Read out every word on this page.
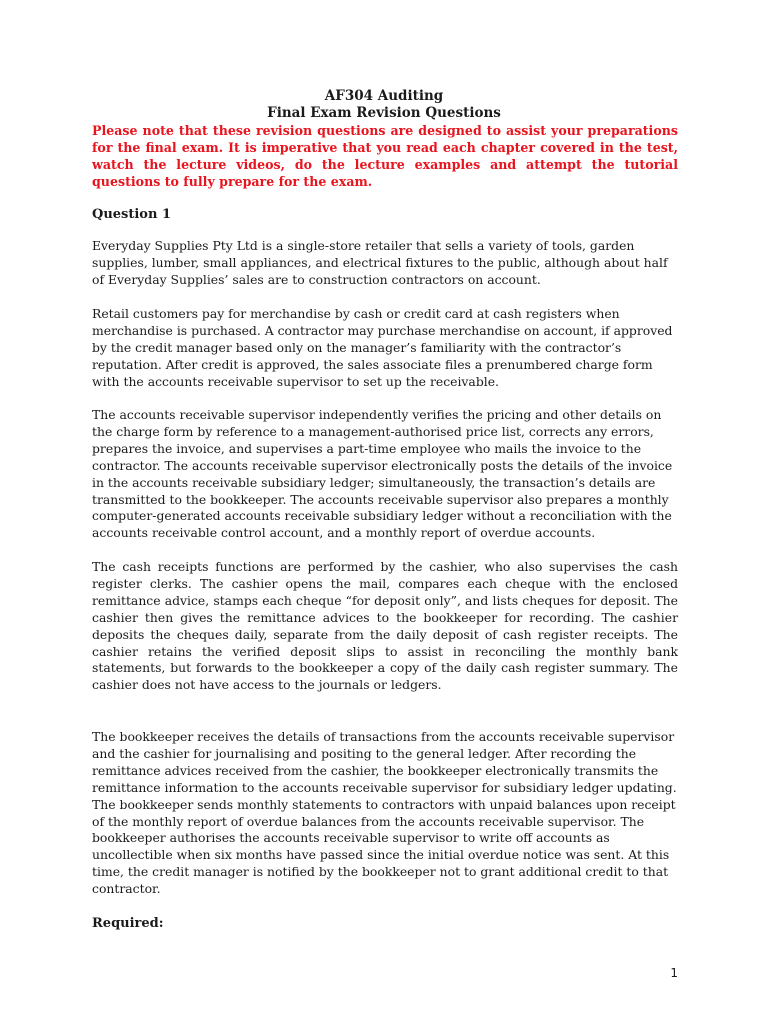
AF304 Auditing
Final Exam Revision Questions
Please note that these revision questions are designed to assist your preparations for the final exam. It is imperative that you read each chapter covered in the test, watch the lecture videos, do the lecture examples and attempt the tutorial questions to fully prepare for the exam.
Question 1
Everyday Supplies Pty Ltd is a single-store retailer that sells a variety of tools, garden supplies, lumber, small appliances, and electrical fixtures to the public, although about half of Everyday Supplies’ sales are to construction contractors on account.
Retail customers pay for merchandise by cash or credit card at cash registers when merchandise is purchased. A contractor may purchase merchandise on account, if approved by the credit manager based only on the manager’s familiarity with the contractor’s reputation. After credit is approved, the sales associate files a prenumbered charge form with the accounts receivable supervisor to set up the receivable.
The accounts receivable supervisor independently verifies the pricing and other details on the charge form by reference to a management-authorised price list, corrects any errors, prepares the invoice, and supervises a part-time employee who mails the invoice to the contractor. The accounts receivable supervisor electronically posts the details of the invoice in the accounts receivable subsidiary ledger; simultaneously, the transaction’s details are transmitted to the bookkeeper. The accounts receivable supervisor also prepares a monthly computer-generated accounts receivable subsidiary ledger without a reconciliation with the accounts receivable control account, and a monthly report of overdue accounts.
The cash receipts functions are performed by the cashier, who also supervises the cash register clerks. The cashier opens the mail, compares each cheque with the enclosed remittance advice, stamps each cheque “for deposit only”, and lists cheques for deposit. The cashier then gives the remittance advices to the bookkeeper for recording. The cashier deposits the cheques daily, separate from the daily deposit of cash register receipts. The cashier retains the verified deposit slips to assist in reconciling the monthly bank statements, but forwards to the bookkeeper a copy of the daily cash register summary. The cashier does not have access to the journals or ledgers.
The bookkeeper receives the details of transactions from the accounts receivable supervisor and the cashier for journalising and positing to the general ledger. After recording the remittance advices received from the cashier, the bookkeeper electronically transmits the remittance information to the accounts receivable supervisor for subsidiary ledger updating. The bookkeeper sends monthly statements to contractors with unpaid balances upon receipt of the monthly report of overdue balances from the accounts receivable supervisor. The bookkeeper authorises the accounts receivable supervisor to write off accounts as uncollectible when six months have passed since the initial overdue notice was sent. At this time, the credit manager is notified by the bookkeeper not to grant additional credit to that contractor.
Required:
1
